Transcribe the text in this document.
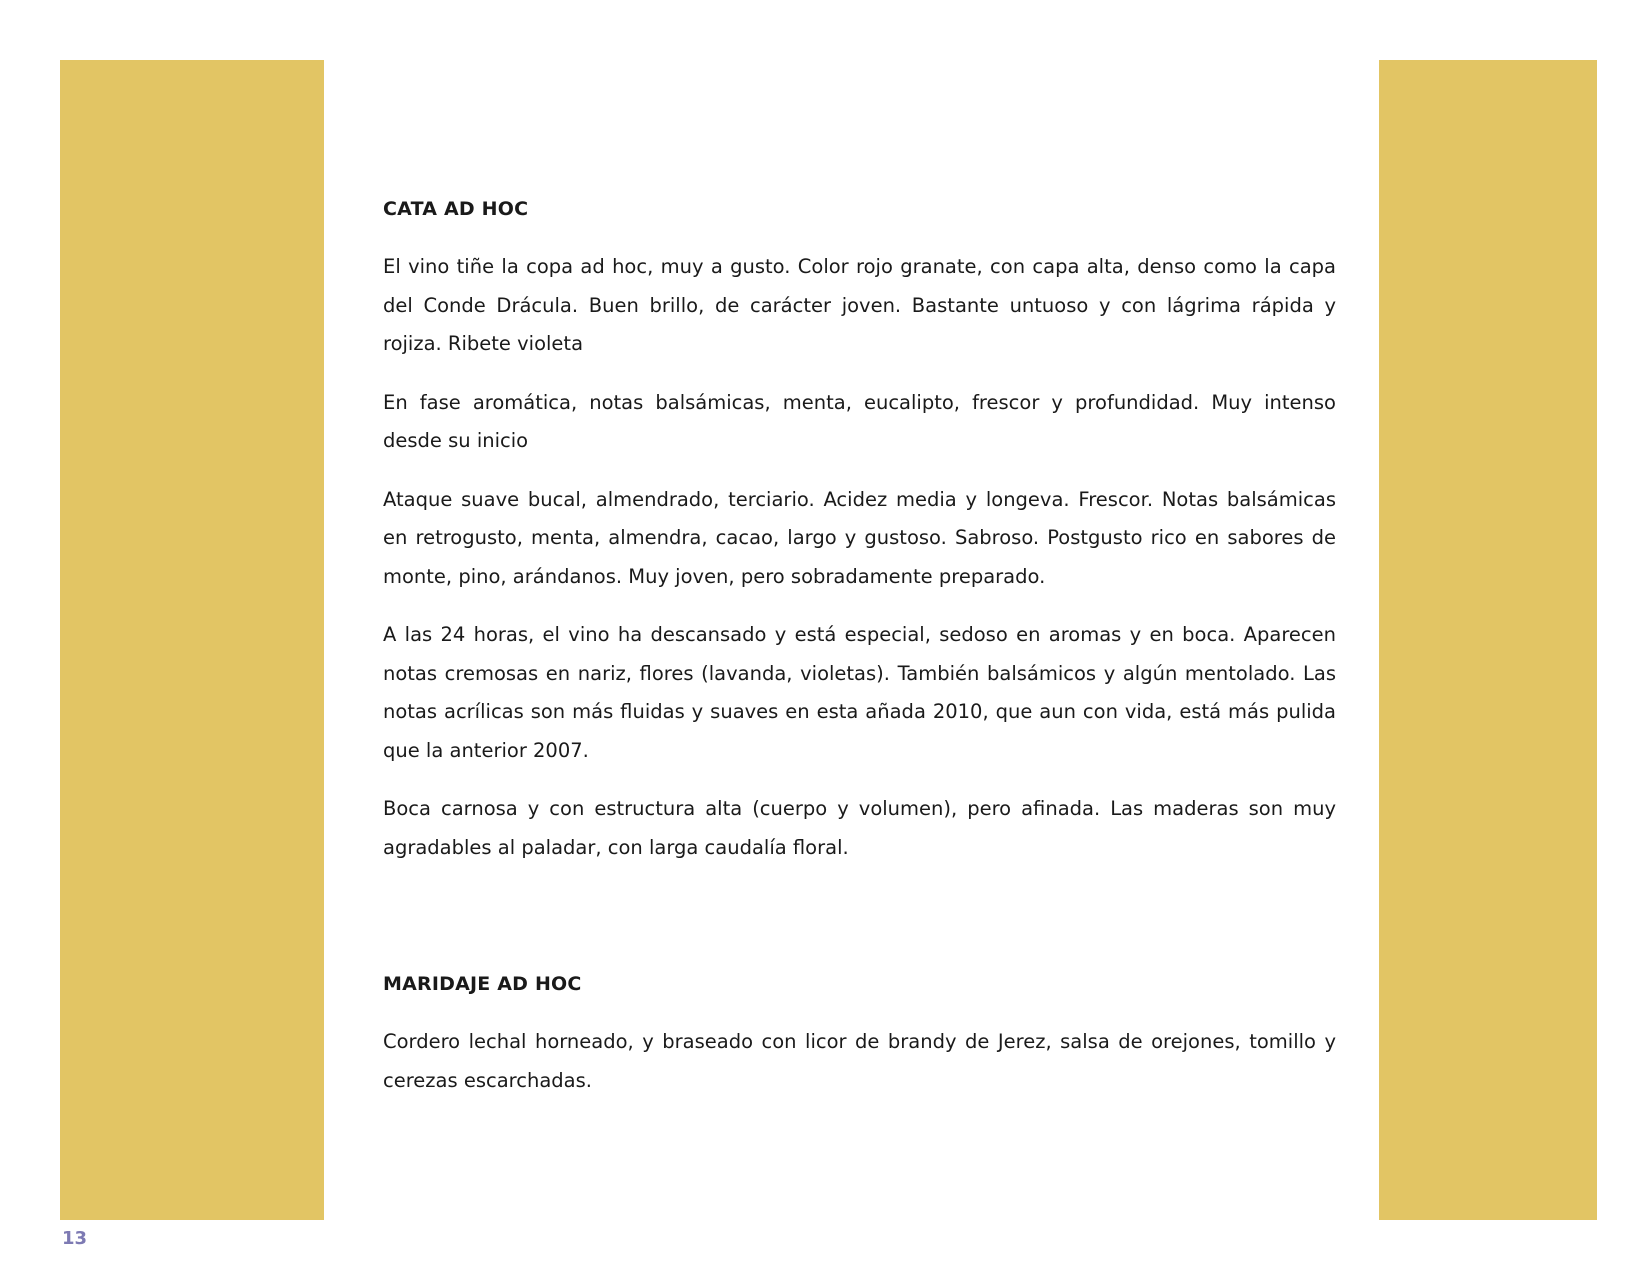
CATA AD HOC

El vino tiñe la copa ad hoc, muy a gusto. Color rojo granate, con capa alta, denso como la capa del Conde Drácula. Buen brillo, de carácter joven. Bastante untuoso y con lágrima rápida y rojiza. Ribete violeta

En fase aromática, notas balsámicas, menta, eucalipto, frescor y profundidad. Muy intenso desde su inicio

Ataque suave bucal, almendrado, terciario. Acidez media y longeva. Frescor. Notas balsámicas en retrogusto, menta, almendra, cacao, largo y gustoso. Sabroso. Postgusto rico en sabores de monte, pino, arándanos. Muy joven, pero sobradamente preparado.

A las 24 horas, el vino ha descansado y está especial, sedoso en aromas y en boca. Aparecen notas cremosas en nariz, flores (lavanda, violetas). También balsámicos y algún mentolado. Las notas acrílicas son más fluidas y suaves en esta añada 2010, que aun con vida, está más pulida que la anterior 2007.

Boca carnosa y con estructura alta (cuerpo y volumen), pero afinada. Las maderas son muy agradables al paladar, con larga caudalía floral.

MARIDAJE AD HOC

Cordero lechal horneado, y braseado con licor de brandy de Jerez, salsa de orejones, tomillo y cerezas escarchadas.

13
